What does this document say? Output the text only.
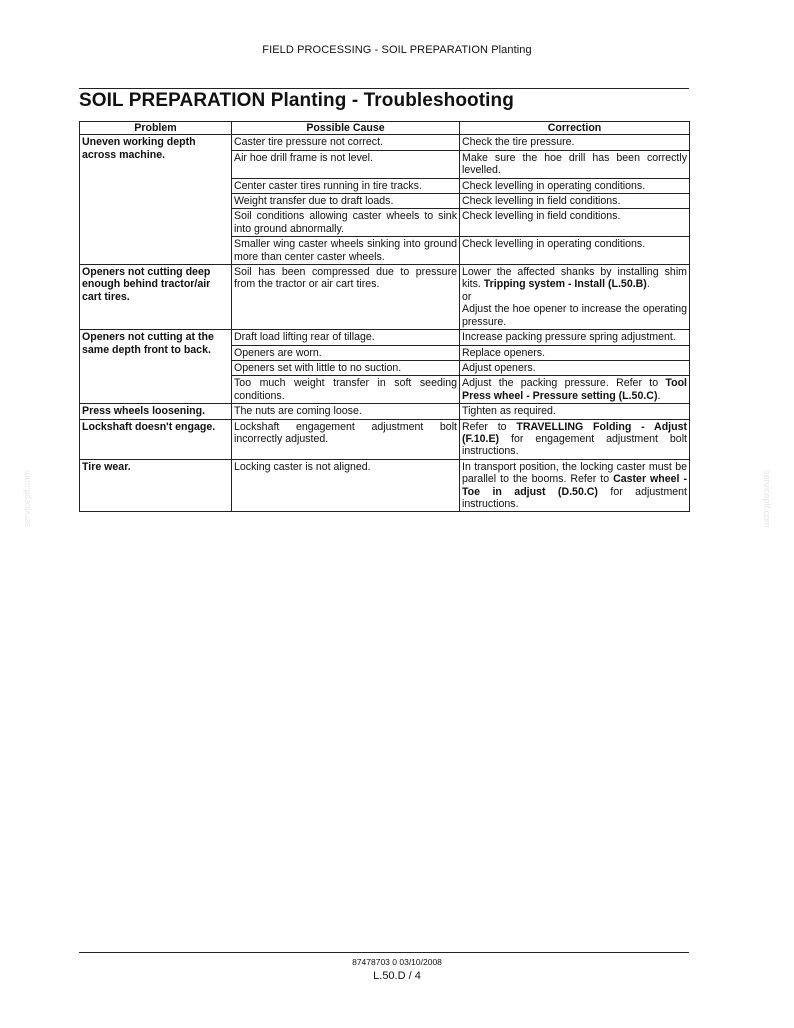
FIELD PROCESSING - SOIL PREPARATION Planting
SOIL PREPARATION Planting - Troubleshooting
Problem	Possible Cause	Correction
Uneven working depth across machine.	Caster tire pressure not correct.	Check the tire pressure.
	Air hoe drill frame is not level.	Make sure the hoe drill has been correctly levelled.
	Center caster tires running in tire tracks.	Check levelling in operating conditions.
	Weight transfer due to draft loads.	Check levelling in field conditions.
	Soil conditions allowing caster wheels to sink into ground abnormally.	Check levelling in field conditions.
	Smaller wing caster wheels sinking into ground more than center caster wheels.	Check levelling in operating conditions.
Openers not cutting deep enough behind tractor/air cart tires.	Soil has been compressed due to pressure from the tractor or air cart tires.	Lower the affected shanks by installing shim kits. Tripping system - Install (L.50.B).
or
Adjust the hoe opener to increase the operating pressure.
Openers not cutting at the same depth front to back.	Draft load lifting rear of tillage.	Increase packing pressure spring adjustment.
	Openers are worn.	Replace openers.
	Openers set with little to no suction.	Adjust openers.
	Too much weight transfer in soft seeding conditions.	Adjust the packing pressure. Refer to Tool Press wheel - Pressure setting (L.50.C).
Press wheels loosening.	The nuts are coming loose.	Tighten as required.
Lockshaft doesn't engage.	Lockshaft engagement adjustment bolt incorrectly adjusted.	Refer to TRAVELLING Folding - Adjust (F.10.E) for engagement adjustment bolt instructions.
Tire wear.	Locking caster is not aligned.	In transport position, the locking caster must be parallel to the booms. Refer to Caster wheel - Toe in adjust (D.50.C) for adjustment instructions.
serviceplf.com	serviceplf.com
87478703 0 03/10/2008
L.50.D / 4
